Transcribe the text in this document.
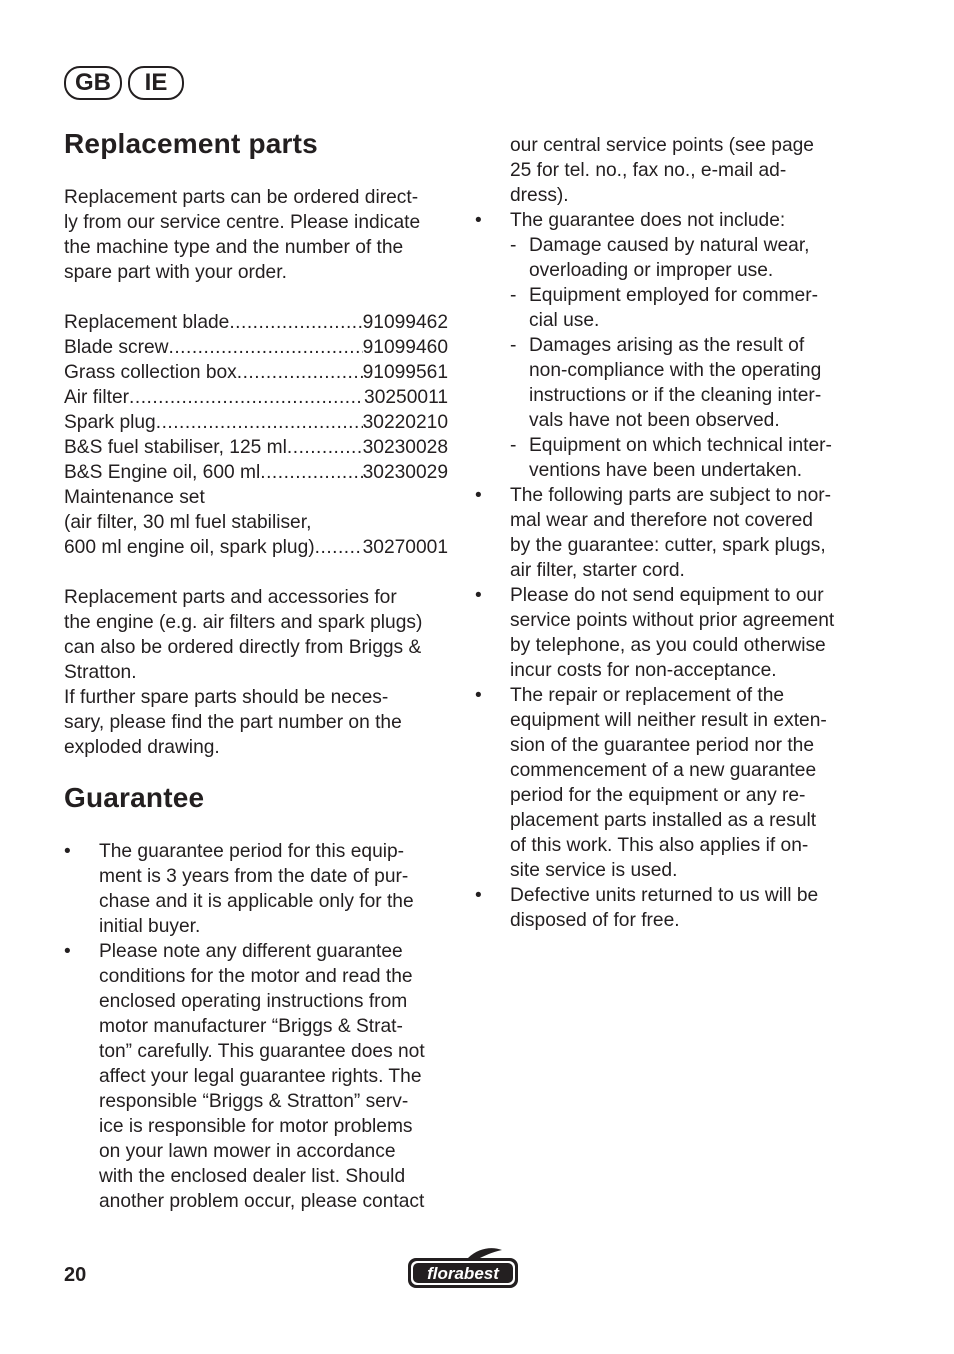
GB	IE
Replacement parts

Replacement parts can be ordered direct-
ly from our service centre. Please indicate
the machine type and the number of the
spare part with your order.

Replacement blade .....	91099462
Blade screw .....	91099460
Grass collection box .....	91099561
Air filter .....	30250011
Spark plug .....	30220210
B&S fuel stabiliser, 125 ml .....	30230028
B&S Engine oil, 600 ml .....	30230029
Maintenance set
(air filter, 30 ml fuel stabiliser,
600 ml engine oil, spark plug) ..... 30270001

Replacement parts and accessories for
the engine (e.g. air filters and spark plugs)
can also be ordered directly from Briggs &
Stratton.
If further spare parts should be neces-
sary, please find the part number on the
exploded drawing.

Guarantee
• The guarantee period for this equip-
ment is 3 years from the date of pur-
chase and it is applicable only for the
initial buyer.
• Please note any different guarantee
conditions for the motor and read the
enclosed operating instructions from
motor manufacturer “Briggs & Strat-
ton” carefully. This guarantee does not
affect your legal guarantee rights. The
responsible “Briggs & Stratton” serv-
ice is responsible for motor problems
on your lawn mower in accordance
with the enclosed dealer list. Should
another problem occur, please contact
our central service points (see page
25 for tel. no., fax no., e-mail ad-
dress).
• The guarantee does not include:
- Damage caused by natural wear,
overloading or improper use.
- Equipment employed for commer-
cial use.
- Damages arising as the result of
non-compliance with the operating
instructions or if the cleaning inter-
vals have not been observed.
- Equipment on which technical inter-
ventions have been undertaken.
• The following parts are subject to nor-
mal wear and therefore not covered
by the guarantee: cutter, spark plugs,
air filter, starter cord.
• Please do not send equipment to our
service points without prior agreement
by telephone, as you could otherwise
incur costs for non-acceptance.
• The repair or replacement of the
equipment will neither result in exten-
sion of the guarantee period nor the
commencement of a new guarantee
period for the equipment or any re-
placement parts installed as a result
of this work. This also applies if on-
site service is used.
• Defective units returned to us will be
disposed of for free.
20	florabest
